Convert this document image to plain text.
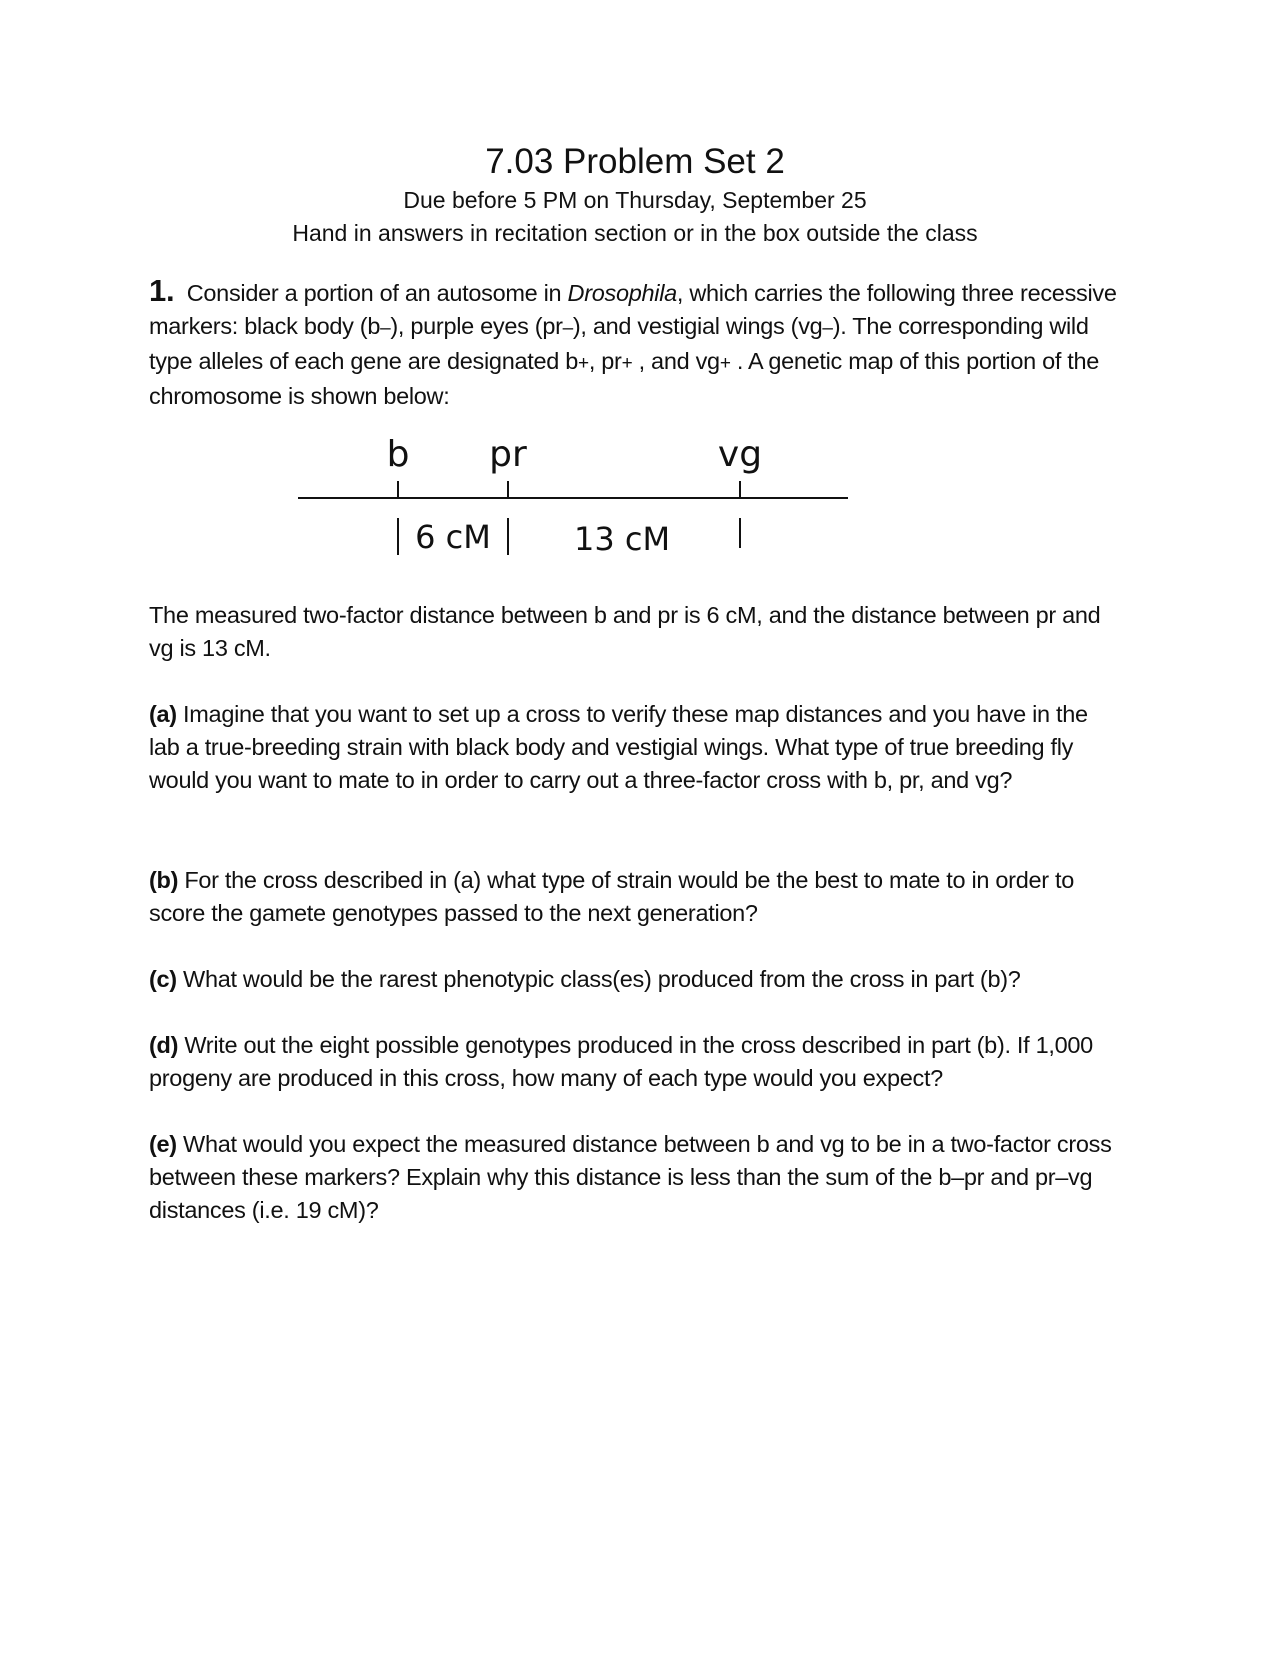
7.03 Problem Set 2

Due before 5 PM on Thursday, September 25

Hand in answers in recitation section or in the box outside the class

1. Consider a portion of an autosome in Drosophila, which carries the following three recessive markers: black body (b–), purple eyes (pr–), and vestigial wings (vg–). The corresponding wild type alleles of each gene are designated b+, pr+ , and vg+ . A genetic map of this portion of the chromosome is shown below:
b pr	vg
6 cM	13 cM
The measured two-factor distance between b and pr is 6 cM, and the distance between pr and vg is 13 cM.
(a) Imagine that you want to set up a cross to verify these map distances and you have in the lab a true-breeding strain with black body and vestigial wings. What type of true breeding fly would you want to mate to in order to carry out a three-factor cross with b, pr, and vg?
(b) For the cross described in (a) what type of strain would be the best to mate to in order to score the gamete genotypes passed to the next generation?
(c) What would be the rarest phenotypic class(es) produced from the cross in part (b)?
(d) Write out the eight possible genotypes produced in the cross described in part (b). If 1,000 progeny are produced in this cross, how many of each type would you expect?
(e) What would you expect the measured distance between b and vg to be in a two-factor cross between these markers? Explain why this distance is less than the sum of the b–pr and pr–vg distances (i.e. 19 cM)?
